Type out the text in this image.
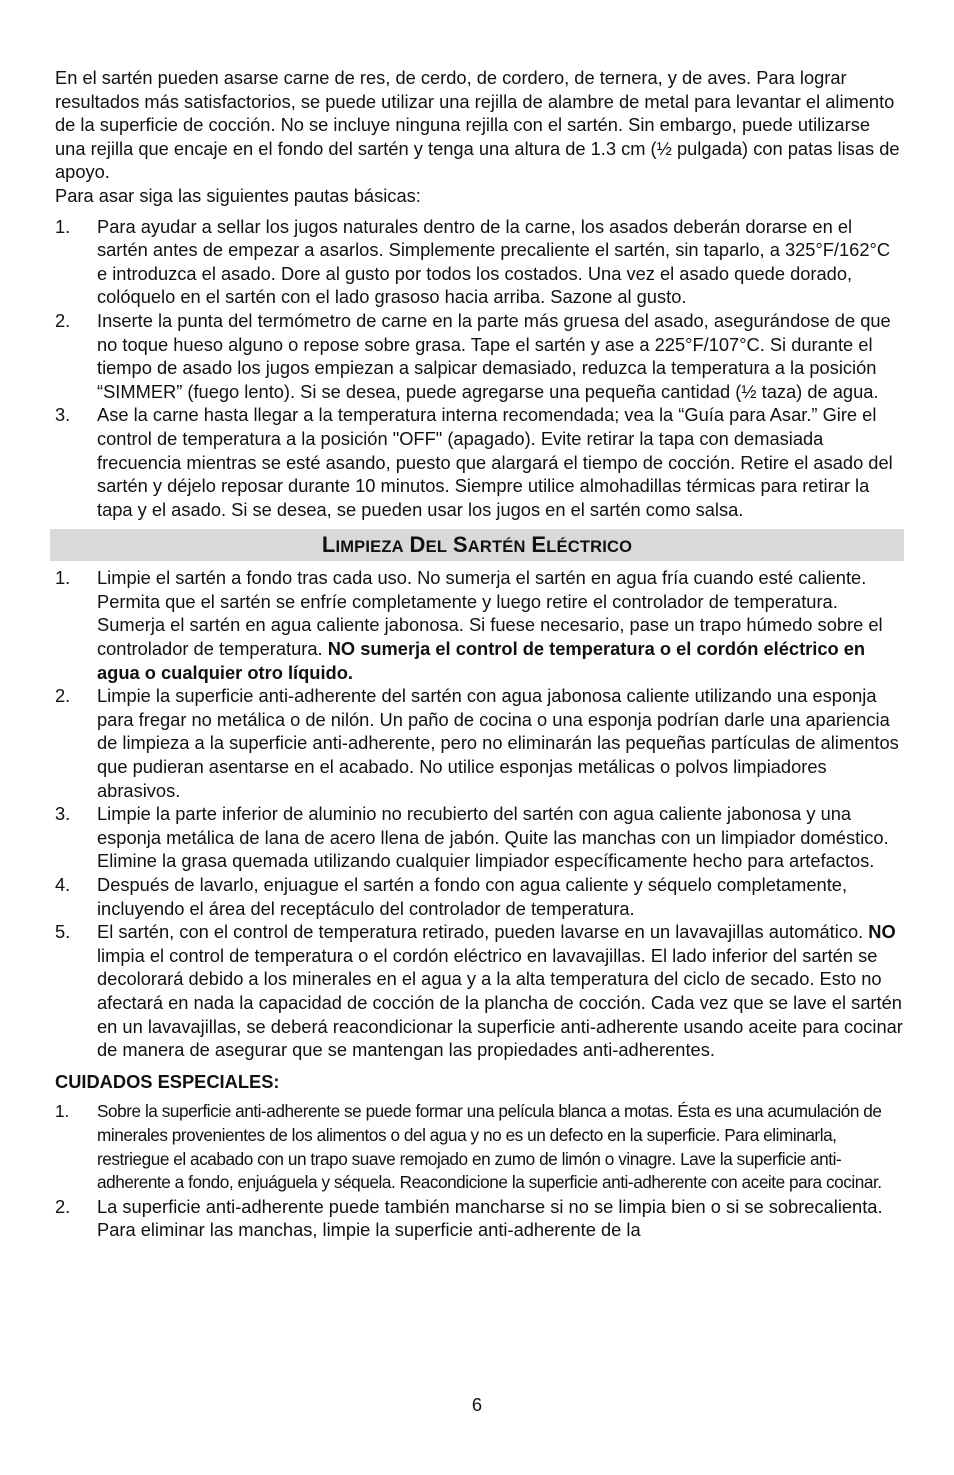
En el sartén pueden asarse carne de res, de cerdo, de cordero, de ternera, y de aves. Para lograr resultados más satisfactorios, se puede utilizar una rejilla de alambre de metal para levantar el alimento de la superficie de cocción. No se incluye ninguna rejilla con el sartén. Sin embargo, puede utilizarse una rejilla que encaje en el fondo del sartén y tenga una altura de 1.3 cm (½ pulgada) con patas lisas de apoyo.

Para asar siga las siguientes pautas básicas:

1. Para ayudar a sellar los jugos naturales dentro de la carne, los asados deberán dorarse en el sartén antes de empezar a asarlos. Simplemente precaliente el sartén, sin taparlo, a 325°F/162°C e introduzca el asado. Dore al gusto por todos los costados. Una vez el asado quede dorado, colóquelo en el sartén con el lado grasoso hacia arriba. Sazone al gusto.
2. Inserte la punta del termómetro de carne en la parte más gruesa del asado, asegurándose de que no toque hueso alguno o repose sobre grasa. Tape el sartén y ase a 225°F/107°C. Si durante el tiempo de asado los jugos empiezan a salpicar demasiado, reduzca la temperatura a la posición “SIMMER” (fuego lento). Si se desea, puede agregarse una pequeña cantidad (½ taza) de agua.
3. Ase la carne hasta llegar a la temperatura interna recomendada; vea la “Guía para Asar.” Gire el control de temperatura a la posición "OFF" (apagado). Evite retirar la tapa con demasiada frecuencia mientras se esté asando, puesto que alargará el tiempo de cocción. Retire el asado del sartén y déjelo reposar durante 10 minutos. Siempre utilice almohadillas térmicas para retirar la tapa y el asado. Si se desea, se pueden usar los jugos en el sartén como salsa.
LIMPIEZA DEL SARTÉN ELÉCTRICO
1. Limpie el sartén a fondo tras cada uso. No sumerja el sartén en agua fría cuando esté caliente. Permita que el sartén se enfríe completamente y luego retire el controlador de temperatura. Sumerja el sartén en agua caliente jabonosa. Si fuese necesario, pase un trapo húmedo sobre el controlador de temperatura. NO sumerja el control de temperatura o el cordón eléctrico en agua o cualquier otro líquido.
2. Limpie la superficie anti-adherente del sartén con agua jabonosa caliente utilizando una esponja para fregar no metálica o de nilón. Un paño de cocina o una esponja podrían darle una apariencia de limpieza a la superficie anti-adherente, pero no eliminarán las pequeñas partículas de alimentos que pudieran asentarse en el acabado. No utilice esponjas metálicas o polvos limpiadores abrasivos.
3. Limpie la parte inferior de aluminio no recubierto del sartén con agua caliente jabonosa y una esponja metálica de lana de acero llena de jabón. Quite las manchas con un limpiador doméstico. Elimine la grasa quemada utilizando cualquier limpiador específicamente hecho para artefactos.
4. Después de lavarlo, enjuague el sartén a fondo con agua caliente y séquelo completamente, incluyendo el área del receptáculo del controlador de temperatura.
5. El sartén, con el control de temperatura retirado, pueden lavarse en un lavavajillas automático. NO limpia el control de temperatura o el cordón eléctrico en lavavajillas. El lado inferior del sartén se decolorará debido a los minerales en el agua y a la alta temperatura del ciclo de secado. Esto no afectará en nada la capacidad de cocción de la plancha de cocción. Cada vez que se lave el sartén en un lavavajillas, se deberá reacondicionar la superficie anti-adherente usando aceite para cocinar de manera de asegurar que se mantengan las propiedades anti-adherentes.
CUIDADOS ESPECIALES:
1. Sobre la superficie anti-adherente se puede formar una película blanca a motas. Ésta es una acumulación de minerales provenientes de los alimentos o del agua y no es un defecto en la superficie. Para eliminarla, restriegue el acabado con un trapo suave remojado en zumo de limón o vinagre. Lave la superficie anti-adherente a fondo, enjuáguela y séquela. Reacondicione la superficie anti-adherente con aceite para cocinar.
2. La superficie anti-adherente puede también mancharse si no se limpia bien o si se sobrecalienta. Para eliminar las manchas, limpie la superficie anti-adherente de la
6
